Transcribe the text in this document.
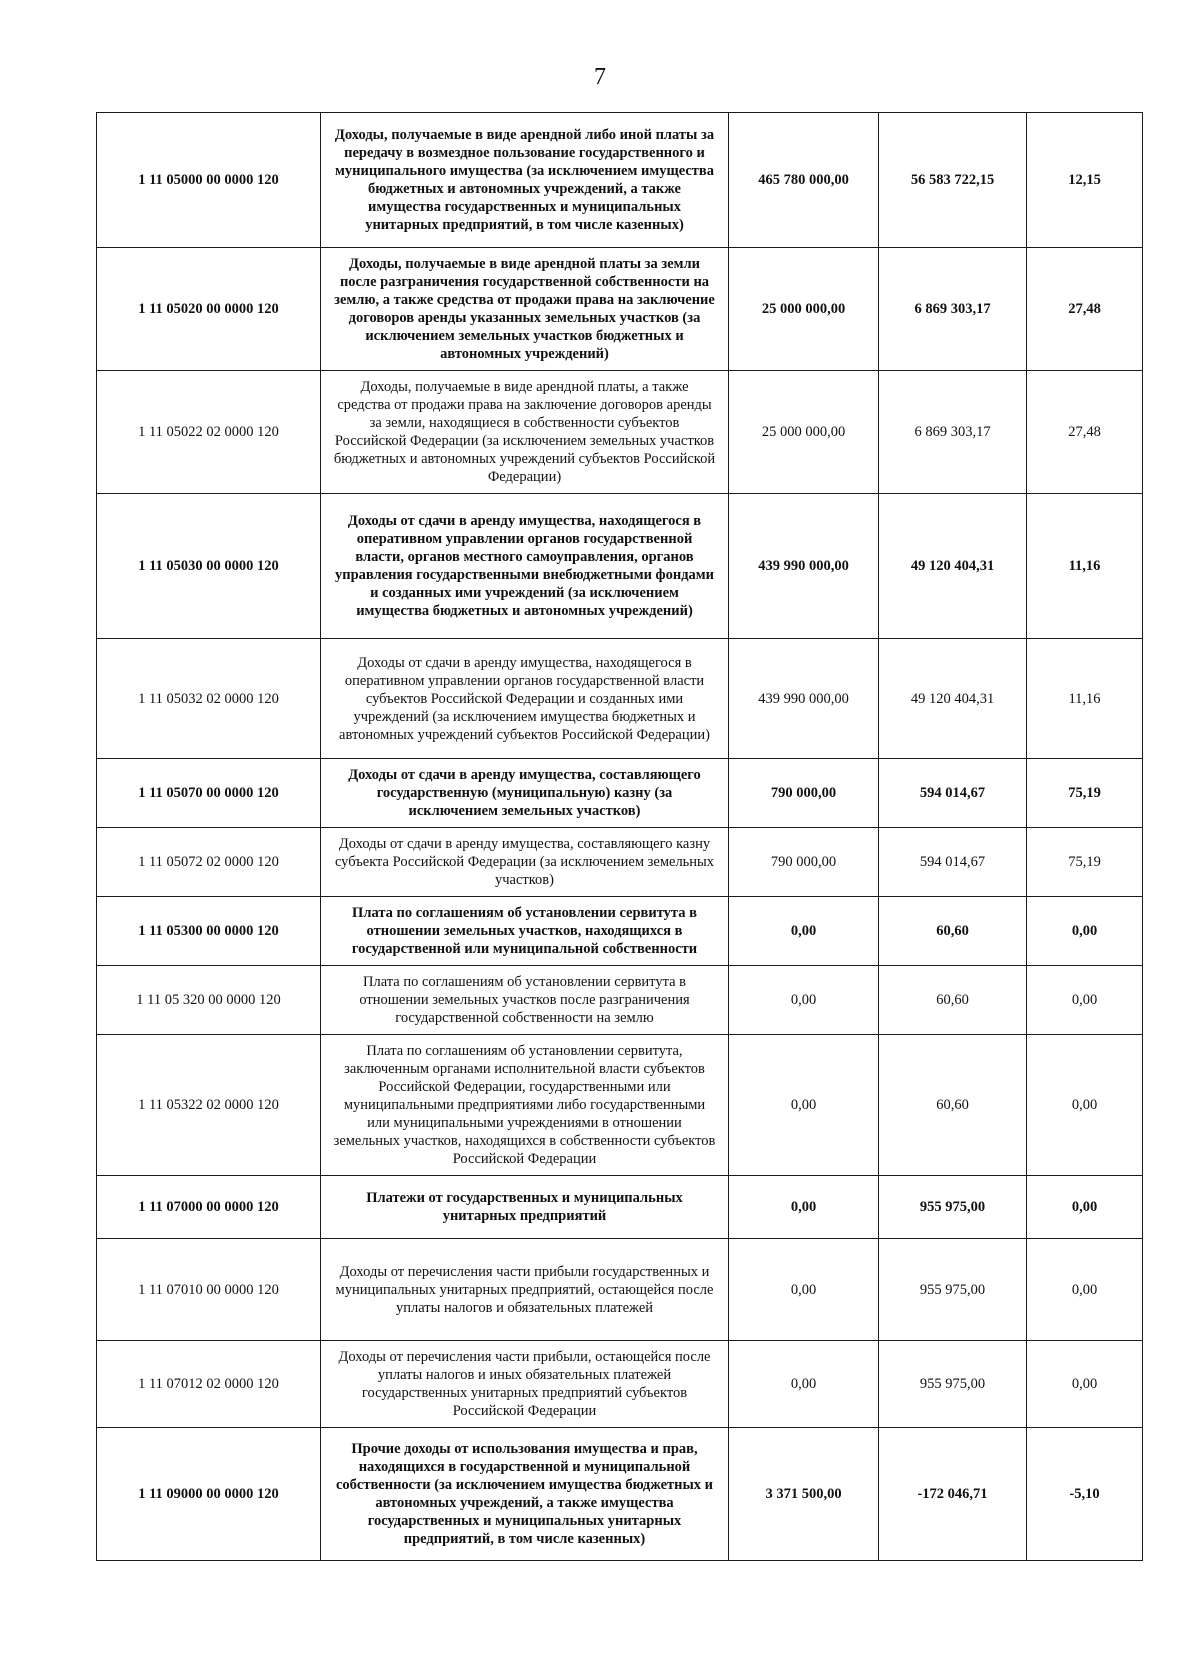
7
1 11 05000 00 0000 120	Доходы, получаемые в виде арендной либо иной платы за передачу в возмездное пользование государственного и муниципального имущества (за исключением имущества бюджетных и автономных учреждений, а также имущества государственных и муниципальных унитарных предприятий, в том числе казенных)	465 780 000,00	56 583 722,15	12,15
1 11 05020 00 0000 120	Доходы, получаемые в виде арендной платы за земли после разграничения государственной собственности на землю, а также средства от продажи права на заключение договоров аренды указанных земельных участков (за исключением земельных участков бюджетных и автономных учреждений)	25 000 000,00	6 869 303,17	27,48
1 11 05022 02 0000 120	Доходы, получаемые в виде арендной платы, а также средства от продажи права на заключение договоров аренды за земли, находящиеся в собственности субъектов Российской Федерации (за исключением земельных участков бюджетных и автономных учреждений субъектов Российской Федерации)	25 000 000,00	6 869 303,17	27,48
1 11 05030 00 0000 120	Доходы от сдачи в аренду имущества, находящегося в оперативном управлении органов государственной власти, органов местного самоуправления, органов управления государственными внебюджетными фондами и созданных ими учреждений (за исключением имущества бюджетных и автономных учреждений)	439 990 000,00	49 120 404,31	11,16
1 11 05032 02 0000 120	Доходы от сдачи в аренду имущества, находящегося в оперативном управлении органов государственной власти субъектов Российской Федерации и созданных ими учреждений (за исключением имущества бюджетных и автономных учреждений субъектов Российской Федерации)	439 990 000,00	49 120 404,31	11,16
1 11 05070 00 0000 120	Доходы от сдачи в аренду имущества, составляющего государственную (муниципальную) казну (за исключением земельных участков)	790 000,00	594 014,67	75,19
1 11 05072 02 0000 120	Доходы от сдачи в аренду имущества, составляющего казну субъекта Российской Федерации (за исключением земельных участков)	790 000,00	594 014,67	75,19
1 11 05300 00 0000 120	Плата по соглашениям об установлении сервитута в отношении земельных участков, находящихся в государственной или муниципальной собственности	0,00	60,60	0,00
1 11 05 320 00 0000 120	Плата по соглашениям об установлении сервитута в отношении земельных участков после разграничения государственной собственности на землю	0,00	60,60	0,00
1 11 05322 02 0000 120	Плата по соглашениям об установлении сервитута, заключенным органами исполнительной власти субъектов Российской Федерации, государственными или муниципальными предприятиями либо государственными или муниципальными учреждениями в отношении земельных участков, находящихся в собственности субъектов Российской Федерации	0,00	60,60	0,00
1 11 07000 00 0000 120	Платежи от государственных и муниципальных унитарных предприятий	0,00	955 975,00	0,00
1 11 07010 00 0000 120	Доходы от перечисления части прибыли государственных и муниципальных унитарных предприятий, остающейся после уплаты налогов и обязательных платежей	0,00	955 975,00	0,00
1 11 07012 02 0000 120	Доходы от перечисления части прибыли, остающейся после уплаты налогов и иных обязательных платежей государственных унитарных предприятий субъектов Российской Федерации	0,00	955 975,00	0,00
1 11 09000 00 0000 120	Прочие доходы от использования имущества и прав, находящихся в государственной и муниципальной собственности (за исключением имущества бюджетных и автономных учреждений, а также имущества государственных и муниципальных унитарных предприятий, в том числе казенных)	3 371 500,00	-172 046,71	-5,10
